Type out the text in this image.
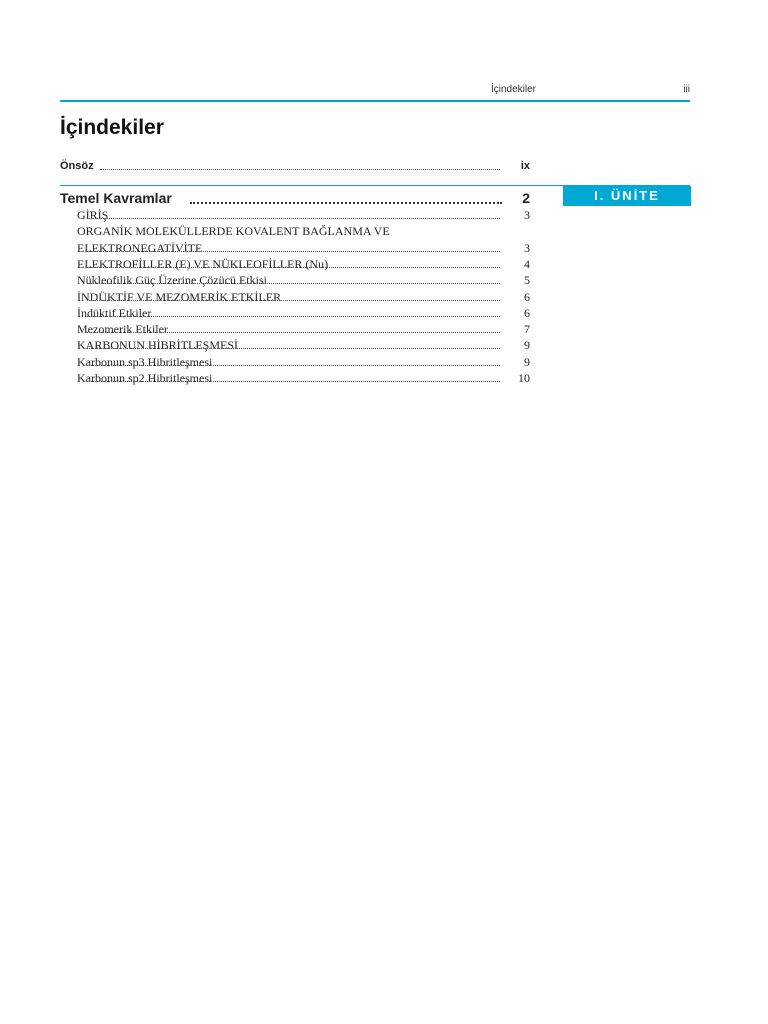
İçindekiler	iii
İçindekiler
Önsöz	ix
I. ÜNİTE
Temel Kavramlar	2
GİRİŞ	3
ORGANİK MOLEKÜLLERDE KOVALENT BAĞLANMA VE
ELEKTRONEGATİVİTE	3
ELEKTROFİLLER (E) VE NÜKLEOFİLLER (Nu)	4
Nükleofilik Güç Üzerine Çözücü Etkisi	5
İNDÜKTİF VE MEZOMERİK ETKİLER	6
İndüktif Etkiler	6
Mezomerik Etkiler	7
KARBONUN HİBRİTLEŞMESİ	9
Karbonun sp3 Hibritleşmesi	9
Karbonun sp2 Hibritleşmesi	10
